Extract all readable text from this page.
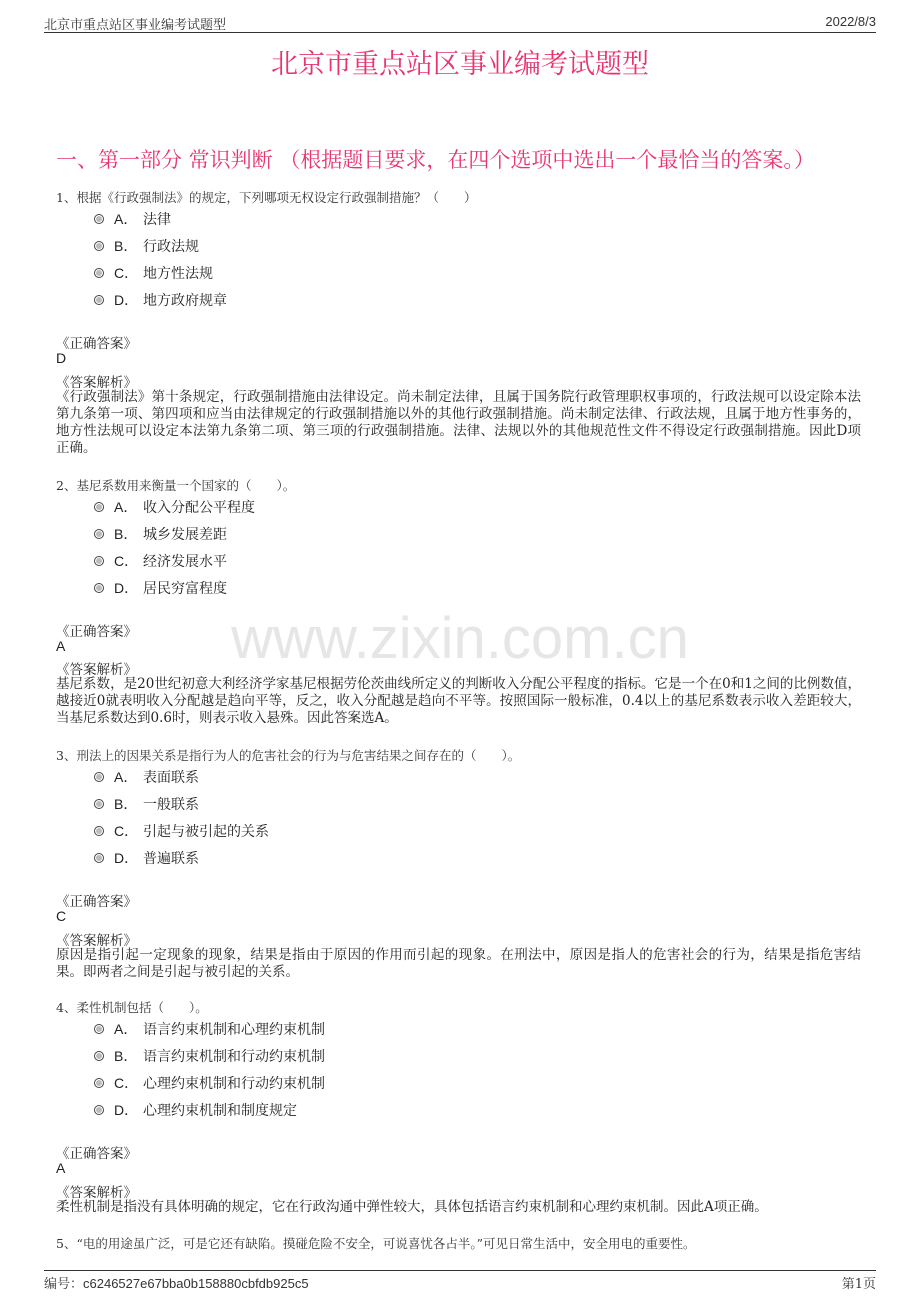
北京市重点站区事业编考试题型	2022/8/3
北京市重点站区事业编考试题型
一、第一部分 常识判断 （根据题目要求，在四个选项中选出一个最恰当的答案。）
www.zixin.com.cn
1、根据《行政强制法》的规定，下列哪项无权设定行政强制措施？（　　）
A． 法律
B． 行政法规
C． 地方性法规
D． 地方政府规章
《正确答案》
D
《答案解析》
《行政强制法》第十条规定，行政强制措施由法律设定。尚未制定法律，且属于国务院行政管理职权事项的，行政法规可以设定除本法第九条第一项、第四项和应当由法律规定的行政强制措施以外的其他行政强制措施。尚未制定法律、行政法规，且属于地方性事务的，地方性法规可以设定本法第九条第二项、第三项的行政强制措施。法律、法规以外的其他规范性文件不得设定行政强制措施。因此D项正确。
2、基尼系数用来衡量一个国家的（　　）。
A． 收入分配公平程度
B． 城乡发展差距
C． 经济发展水平
D． 居民穷富程度
《正确答案》
A
《答案解析》
基尼系数，是20世纪初意大利经济学家基尼根据劳伦茨曲线所定义的判断收入分配公平程度的指标。它是一个在0和1之间的比例数值，越接近0就表明收入分配越是趋向平等，反之，收入分配越是趋向不平等。按照国际一般标准，0.4以上的基尼系数表示收入差距较大，当基尼系数达到0.6时，则表示收入悬殊。因此答案选A。
3、刑法上的因果关系是指行为人的危害社会的行为与危害结果之间存在的（　　）。
A． 表面联系
B． 一般联系
C． 引起与被引起的关系
D． 普遍联系
《正确答案》
C
《答案解析》
原因是指引起一定现象的现象，结果是指由于原因的作用而引起的现象。在刑法中，原因是指人的危害社会的行为，结果是指危害结果。即两者之间是引起与被引起的关系。
4、柔性机制包括（　　）。
A． 语言约束机制和心理约束机制
B． 语言约束机制和行动约束机制
C． 心理约束机制和行动约束机制
D． 心理约束机制和制度规定
《正确答案》
A
《答案解析》
柔性机制是指没有具体明确的规定，它在行政沟通中弹性较大，具体包括语言约束机制和心理约束机制。因此A项正确。
5、“电的用途虽广泛，可是它还有缺陷。摸碰危险不安全，可说喜忧各占半。”可见日常生活中，安全用电的重要性。
编号：c6246527e67bba0b158880cbfdb925c5	第1页
